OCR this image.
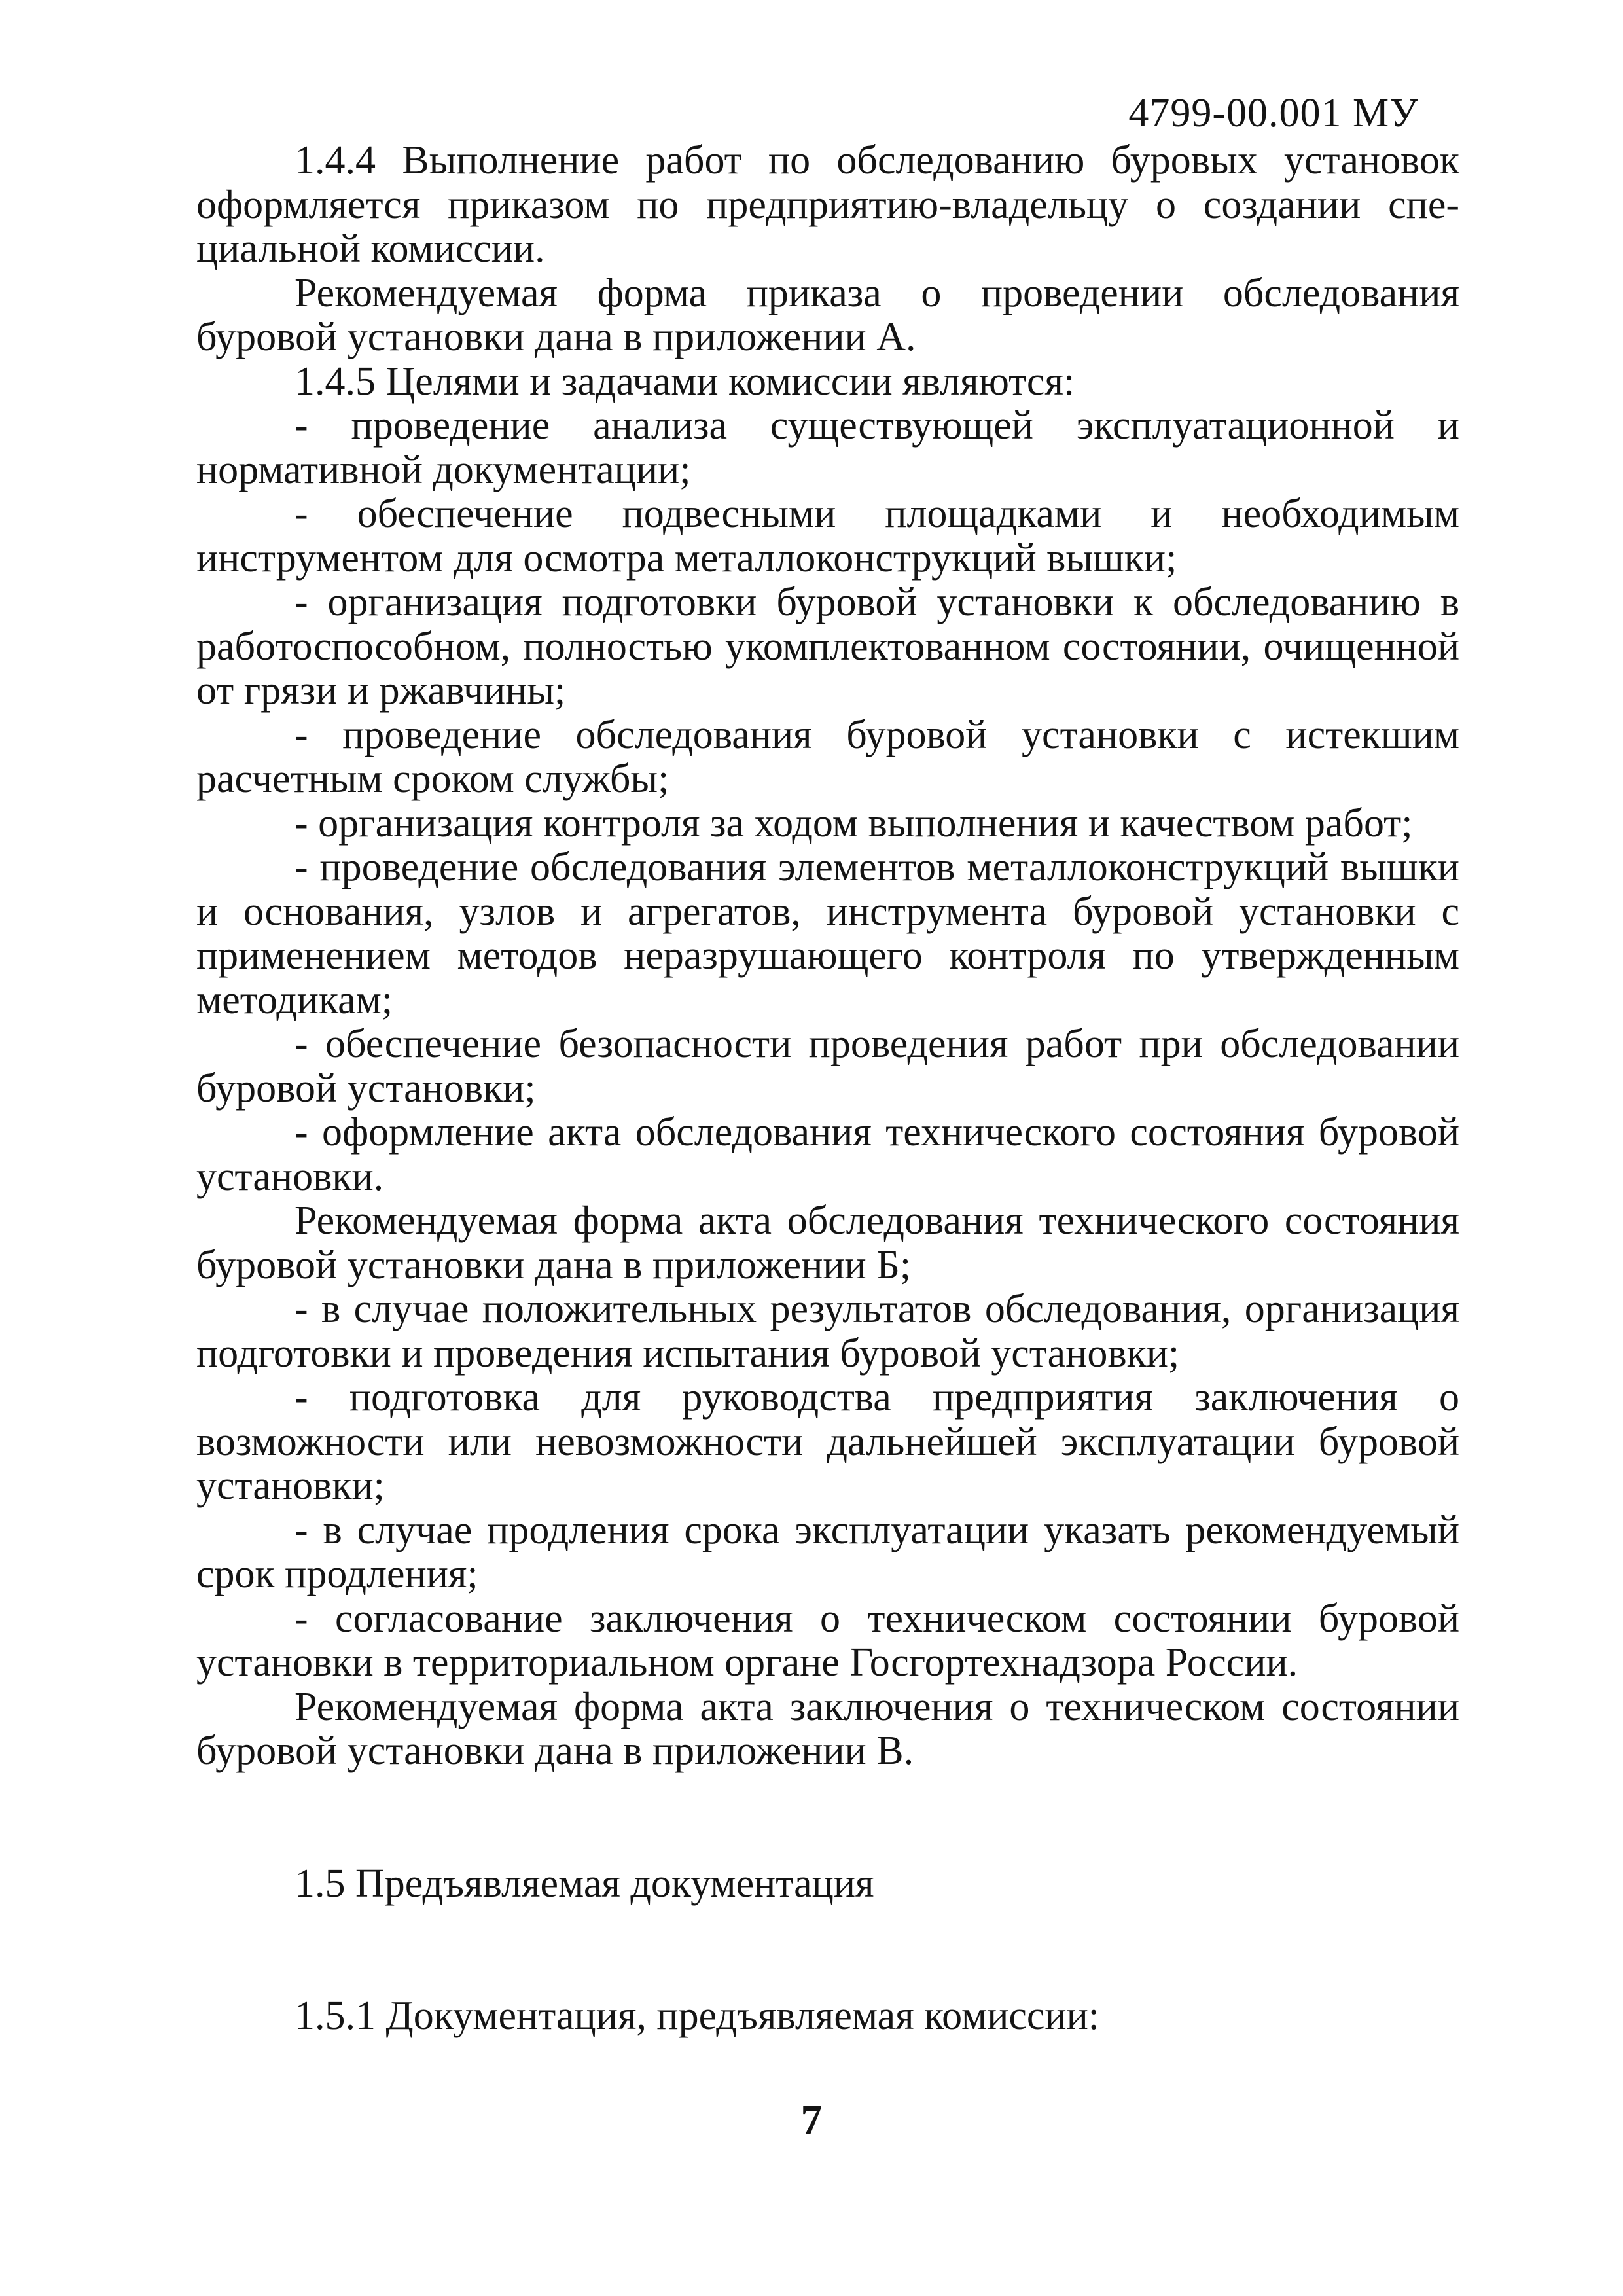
4799-00.001 МУ

1.4.4 Выполнение работ по обследованию буровых установок оформляется приказом по предприятию-владельцу о создании специальной комиссии.

Рекомендуемая форма приказа о проведении обследования буровой установки дана в приложении А.

1.4.5 Целями и задачами комиссии являются:

- проведение анализа существующей эксплуатационной и нормативной документации;

- обеспечение подвесными площадками и необходимым инструментом для осмотра металлоконструкций вышки;

- организация подготовки буровой установки к обследованию в работоспособном, полностью укомплектованном состоянии, очищенной от грязи и ржавчины;

- проведение обследования буровой установки с истекшим расчетным сроком службы;

- организация контроля за ходом выполнения и качеством работ;

- проведение обследования элементов металлоконструкций вышки и основания, узлов и агрегатов, инструмента буровой установки с применением методов неразрушающего контроля по утвержденным методикам;

- обеспечение безопасности проведения работ при обследовании буровой установки;

- оформление акта обследования технического состояния буровой установки.

Рекомендуемая форма акта обследования технического состояния буровой установки дана в приложении Б;

- в случае положительных результатов обследования, организация подготовки и проведения испытания буровой установки;

- подготовка для руководства предприятия заключения о возможности или невозможности дальнейшей эксплуатации буровой установки;

- в случае продления срока эксплуатации указать рекомендуемый срок продления;

- согласование заключения о техническом состоянии буровой установки в территориальном органе Госгортехнадзора России.

Рекомендуемая форма акта заключения о техническом состоянии буровой установки дана в приложении В.

1.5 Предъявляемая документация

1.5.1 Документация, предъявляемая комиссии:

7
